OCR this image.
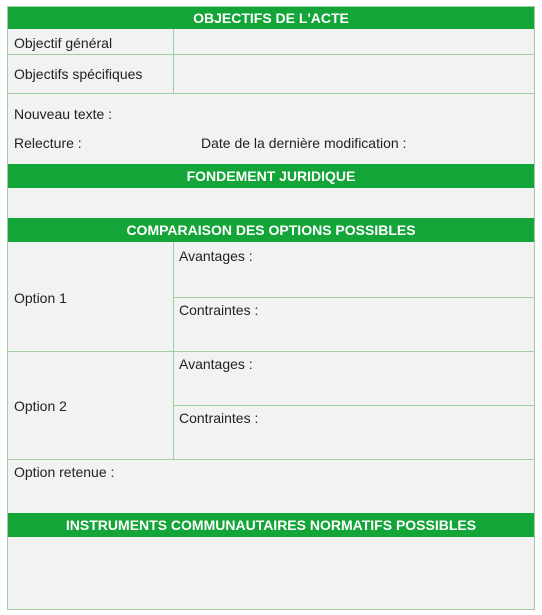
OBJECTIFS DE L'ACTE
Objectif général
Objectifs spécifiques
Nouveau texte :
Relecture :	Date de la dernière modification :
FONDEMENT JURIDIQUE
COMPARAISON DES OPTIONS POSSIBLES
Option 1
Avantages :
Contraintes :
Option 2
Avantages :
Contraintes :
Option retenue :
INSTRUMENTS COMMUNAUTAIRES NORMATIFS POSSIBLES
